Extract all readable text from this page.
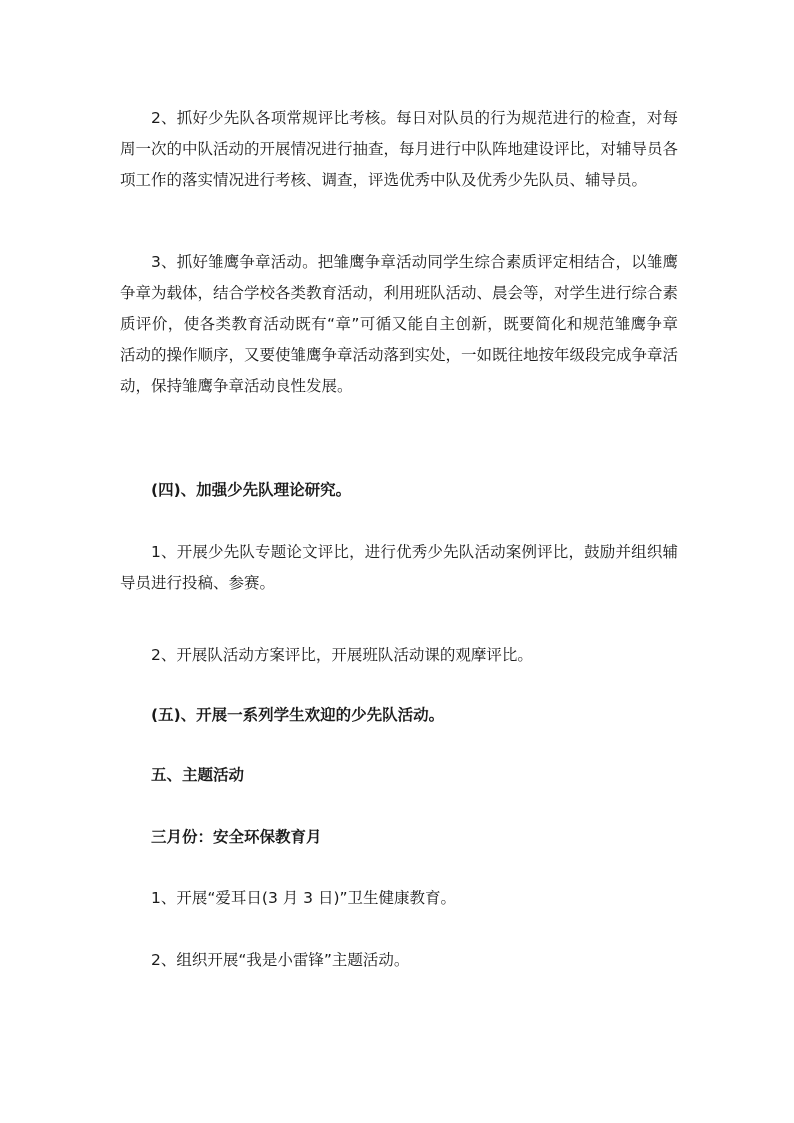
2、抓好少先队各项常规评比考核。每日对队员的行为规范进行的检查，对每周一次的中队活动的开展情况进行抽查，每月进行中队阵地建设评比，对辅导员各项工作的落实情况进行考核、调查，评选优秀中队及优秀少先队员、辅导员。

3、抓好雏鹰争章活动。把雏鹰争章活动同学生综合素质评定相结合，以雏鹰争章为载体，结合学校各类教育活动，利用班队活动、晨会等，对学生进行综合素质评价，使各类教育活动既有“章”可循又能自主创新，既要简化和规范雏鹰争章活动的操作顺序，又要使雏鹰争章活动落到实处，一如既往地按年级段完成争章活动，保持雏鹰争章活动良性发展。

(四)、加强少先队理论研究。

1、开展少先队专题论文评比，进行优秀少先队活动案例评比，鼓励并组织辅导员进行投稿、参赛。

2、开展队活动方案评比，开展班队活动课的观摩评比。

(五)、开展一系列学生欢迎的少先队活动。

五、主题活动

三月份：安全环保教育月

1、开展“爱耳日(3 月 3 日)”卫生健康教育。

2、组织开展“我是小雷锋”主题活动。
